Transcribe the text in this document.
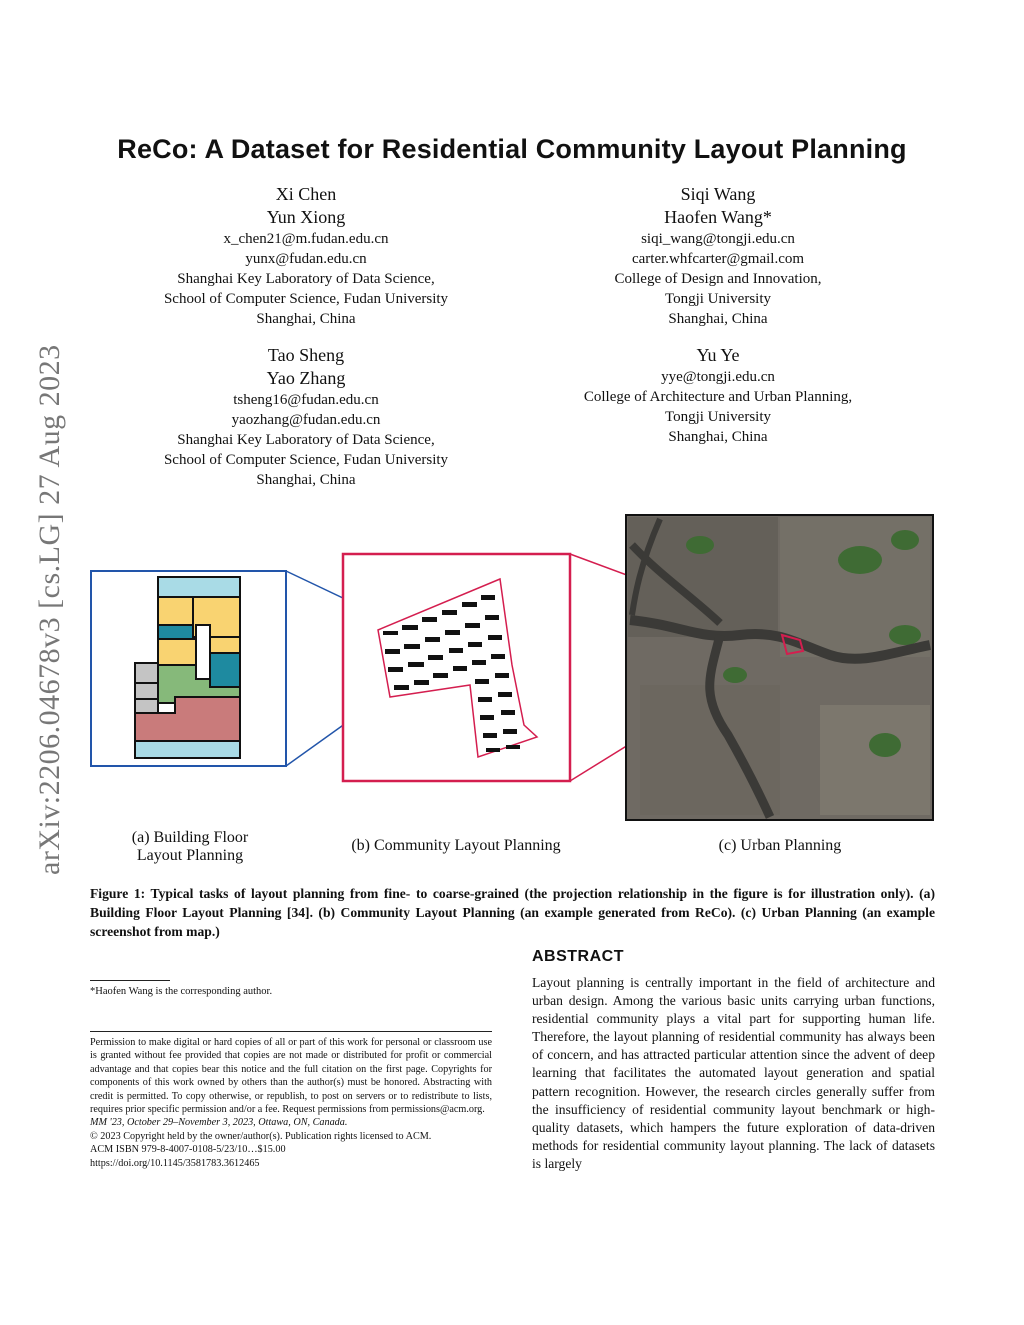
ReCo: A Dataset for Residential Community Layout Planning
Xi Chen
Yun Xiong
x_chen21@m.fudan.edu.cn
yunx@fudan.edu.cn
Shanghai Key Laboratory of Data Science,
School of Computer Science, Fudan University
Shanghai, China
Siqi Wang
Haofen Wang*
siqi_wang@tongji.edu.cn
carter.whfcarter@gmail.com
College of Design and Innovation,
Tongji University
Shanghai, China
Tao Sheng
Yao Zhang
tsheng16@fudan.edu.cn
yaozhang@fudan.edu.cn
Shanghai Key Laboratory of Data Science,
School of Computer Science, Fudan University
Shanghai, China
Yu Ye
yye@tongji.edu.cn
College of Architecture and Urban Planning,
Tongji University
Shanghai, China
arXiv:2206.04678v3 [cs.LG] 27 Aug 2023	(a) Building Floor
Layout Planning
(b) Community Layout Planning	(c) Urban Planning
Figure 1: Typical tasks of layout planning from fine- to coarse-grained (the projection relationship in the figure is for illustration only). (a) Building Floor Layout Planning [34]. (b) Community Layout Planning (an example generated from ReCo). (c) Urban Planning (an example screenshot from map.)
ABSTRACT
Layout planning is centrally important in the field of architecture and urban design. Among the various basic units carrying urban functions, residential community plays a vital part for supporting human life. Therefore, the layout planning of residential community has always been of concern, and has attracted particular attention since the advent of deep learning that facilitates the automated layout generation and spatial pattern recognition. However, the research circles generally suffer from the insufficiency of residential community layout benchmark or high-quality datasets, which hampers the future exploration of data-driven methods for residential community layout planning. The lack of datasets is largely
*Haofen Wang is the corresponding author.

Permission to make digital or hard copies of all or part of this work for personal or classroom use is granted without fee provided that copies are not made or distributed for profit or commercial advantage and that copies bear this notice and the full citation on the first page. Copyrights for components of this work owned by others than the author(s) must be honored. Abstracting with credit is permitted. To copy otherwise, or republish, to post on servers or to redistribute to lists, requires prior specific permission and/or a fee. Request permissions from permissions@acm.org.

MM '23, October 29–November 3, 2023, Ottawa, ON, Canada.

© 2023 Copyright held by the owner/author(s). Publication rights licensed to ACM.

ACM ISBN 979-8-4007-0108-5/23/10…$15.00

https://doi.org/10.1145/3581783.3612465
